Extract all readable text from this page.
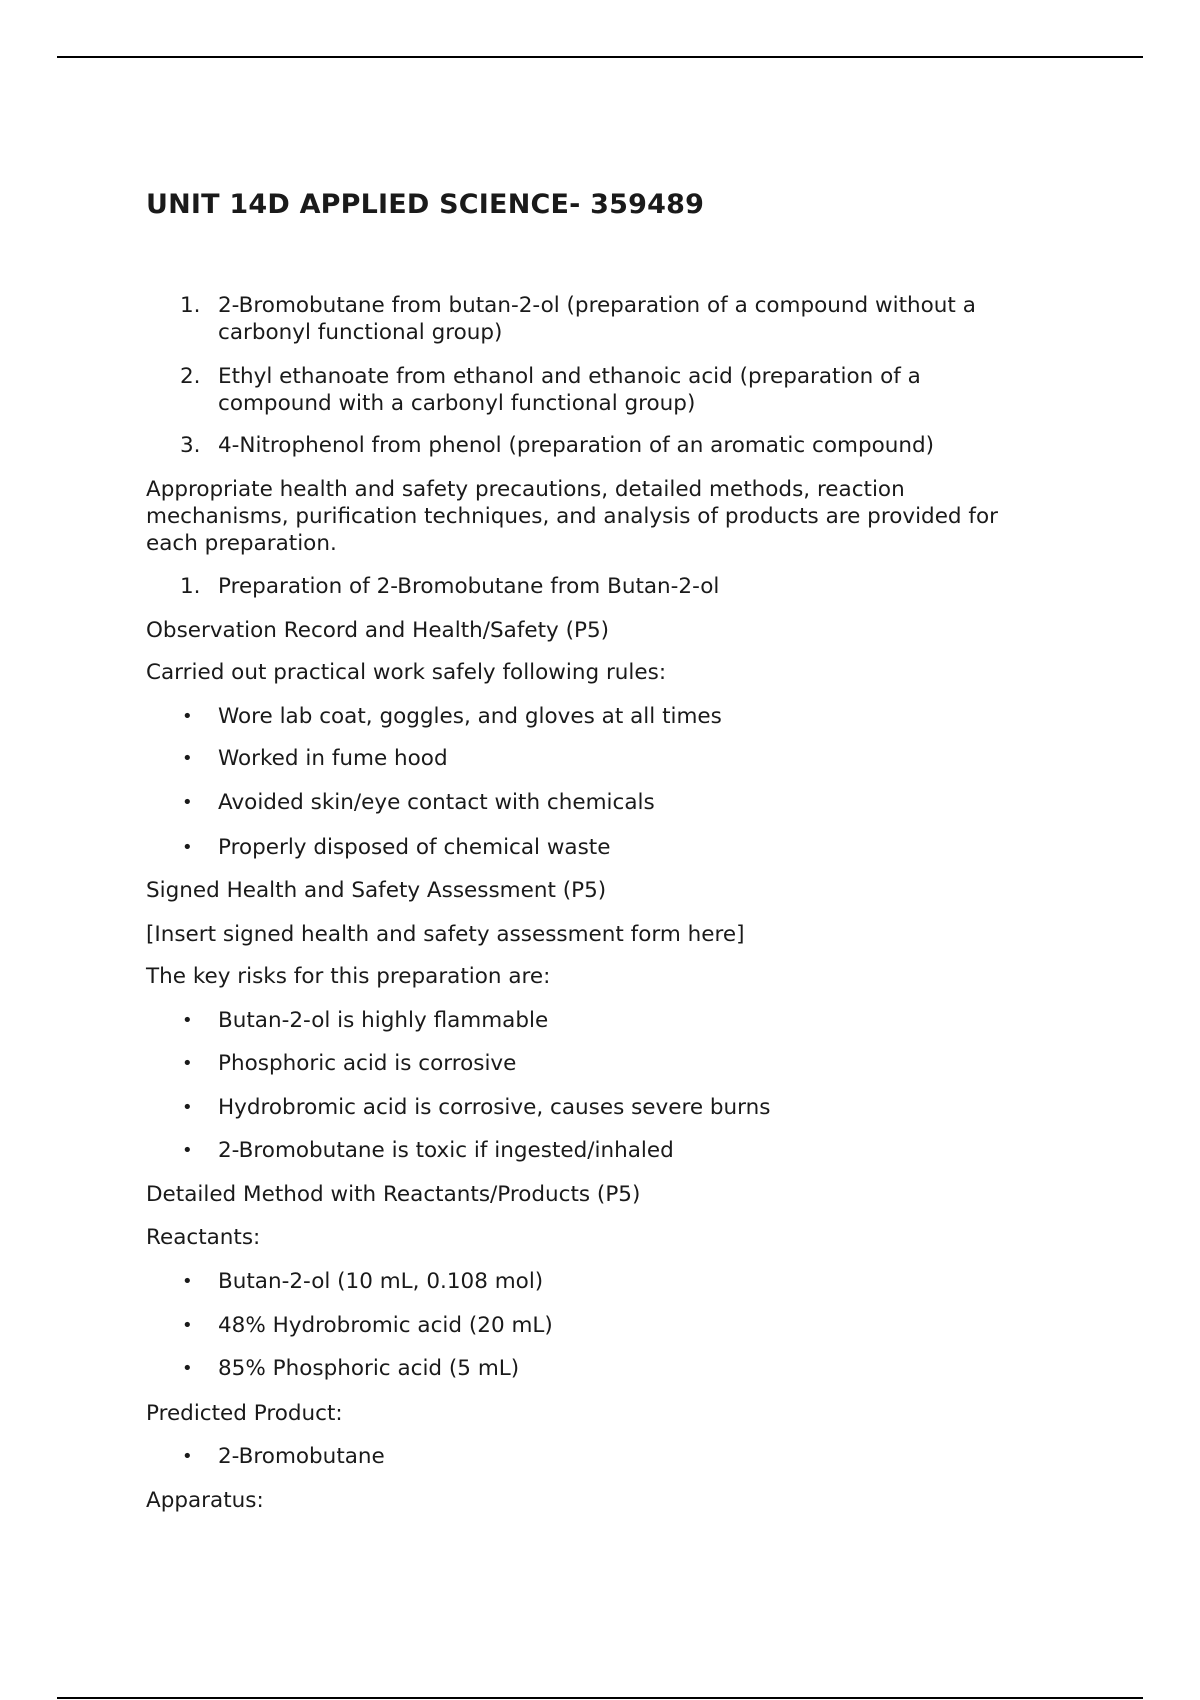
UNIT 14D APPLIED SCIENCE- 359489
1. 2-Bromobutane from butan-2-ol (preparation of a compound without a carbonyl functional group)
2. Ethyl ethanoate from ethanol and ethanoic acid (preparation of a compound with a carbonyl functional group)
3. 4-Nitrophenol from phenol (preparation of an aromatic compound)

Appropriate health and safety precautions, detailed methods, reaction mechanisms, purification techniques, and analysis of products are provided for each preparation.

1. Preparation of 2-Bromobutane from Butan-2-ol

Observation Record and Health/Safety (P5)

Carried out practical work safely following rules:

• Wore lab coat, goggles, and gloves at all times
• Worked in fume hood
• Avoided skin/eye contact with chemicals
• Properly disposed of chemical waste

Signed Health and Safety Assessment (P5)

[Insert signed health and safety assessment form here]

The key risks for this preparation are:

• Butan-2-ol is highly flammable
• Phosphoric acid is corrosive
• Hydrobromic acid is corrosive, causes severe burns
• 2-Bromobutane is toxic if ingested/inhaled

Detailed Method with Reactants/Products (P5)

Reactants:

• Butan-2-ol (10 mL, 0.108 mol)
• 48% Hydrobromic acid (20 mL)
• 85% Phosphoric acid (5 mL)

Predicted Product:

• 2-Bromobutane

Apparatus:
